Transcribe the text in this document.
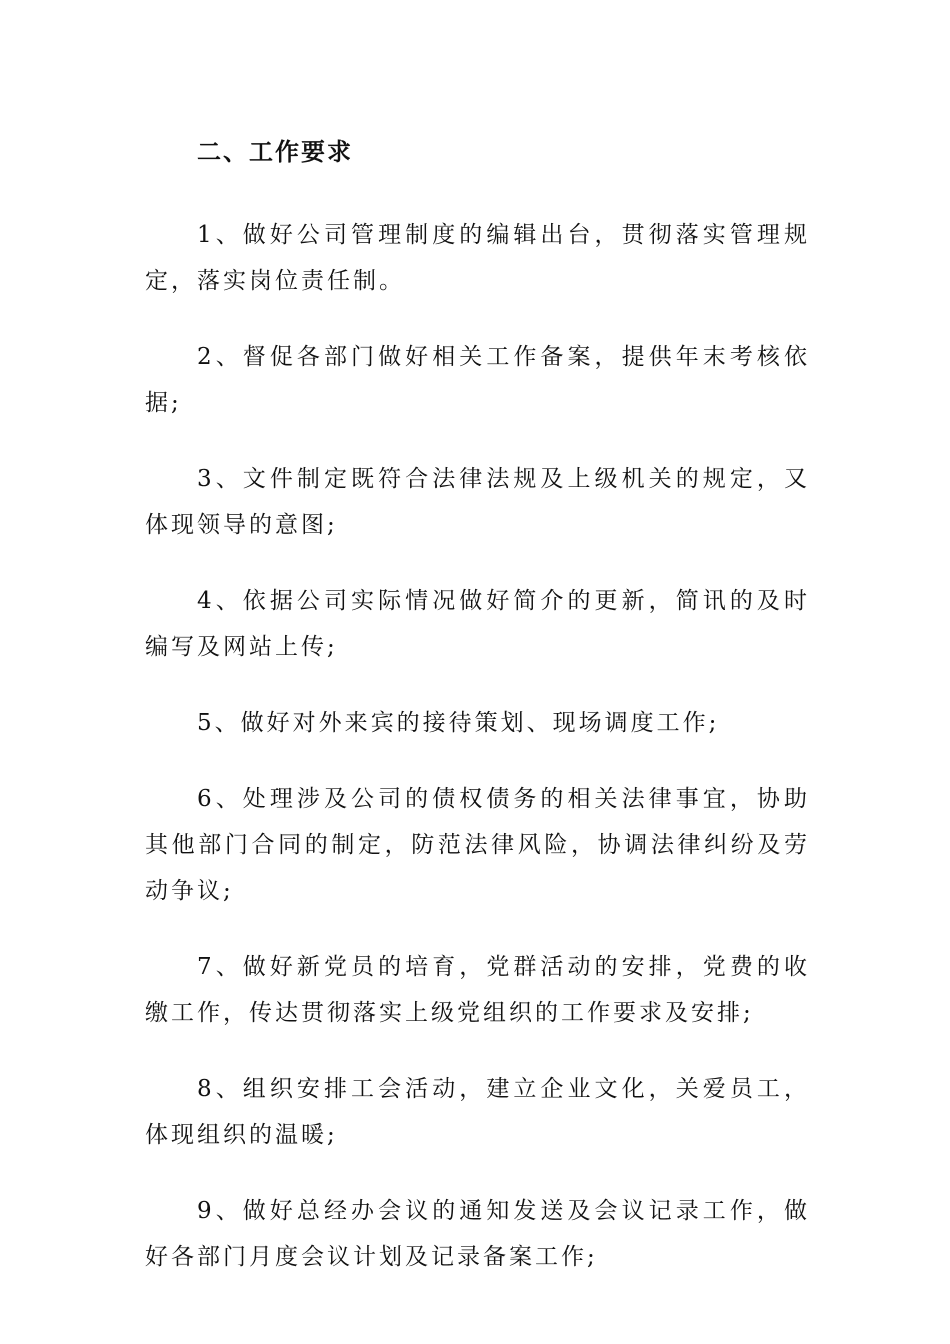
二、工作要求

1、做好公司管理制度的编辑出台，贯彻落实管理规定，落实岗位责任制。

2、督促各部门做好相关工作备案，提供年末考核依据;

3、文件制定既符合法律法规及上级机关的规定，又体现领导的意图;

4、依据公司实际情况做好简介的更新，简讯的及时编写及网站上传;

5、做好对外来宾的接待策划、现场调度工作;

6、处理涉及公司的债权债务的相关法律事宜，协助其他部门合同的制定，防范法律风险，协调法律纠纷及劳动争议;

7、做好新党员的培育，党群活动的安排，党费的收缴工作，传达贯彻落实上级党组织的工作要求及安排;

8、组织安排工会活动，建立企业文化，关爱员工，体现组织的温暖;

9、做好总经办会议的通知发送及会议记录工作，做好各部门月度会议计划及记录备案工作;
